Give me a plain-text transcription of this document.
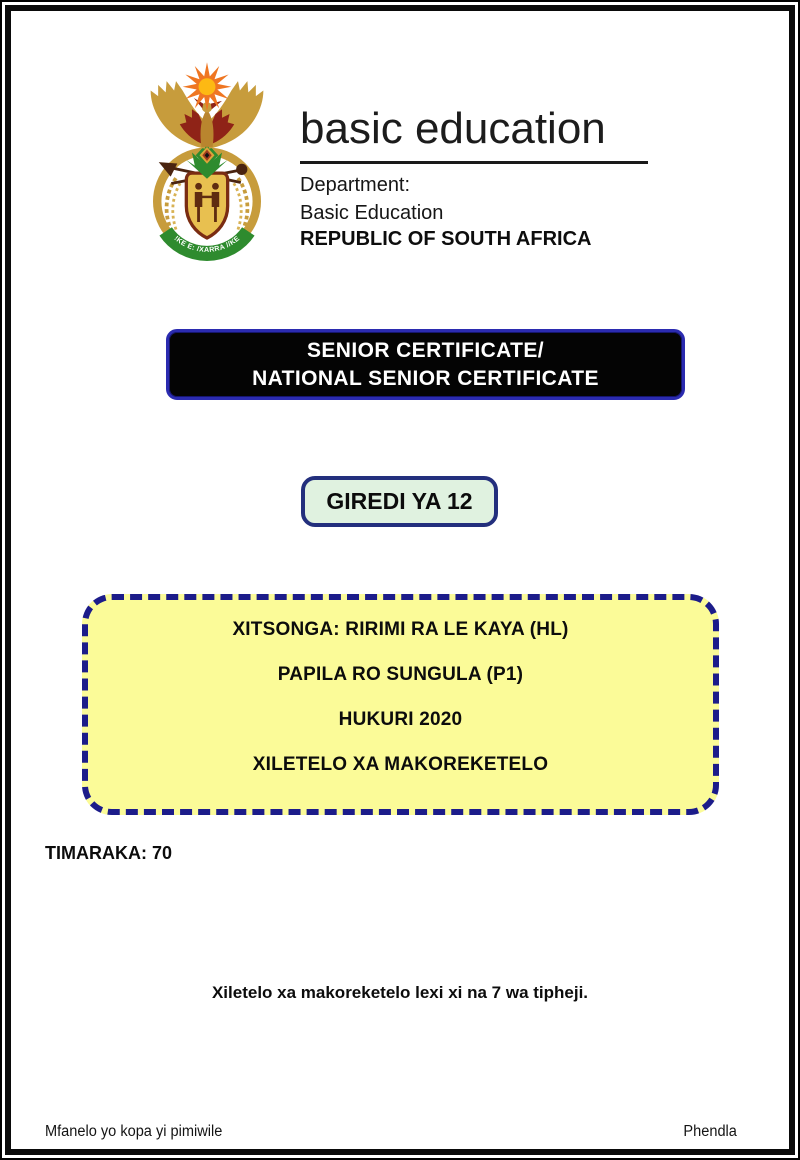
!KE E: /XARRA //KE
basic education
Department:
Basic Education
REPUBLIC OF SOUTH AFRICA
SENIOR CERTIFICATE/
NATIONAL SENIOR CERTIFICATE
GIREDI YA 12
XITSONGA: RIRIMI RA LE KAYA (HL)
PAPILA RO SUNGULA (P1)
HUKURI 2020
XILETELO XA MAKOREKETELO
TIMARAKA: 70
Xiletelo xa makoreketelo lexi xi na 7 wa tipheji.
Mfanelo yo kopa yi pimiwile	Phendla
